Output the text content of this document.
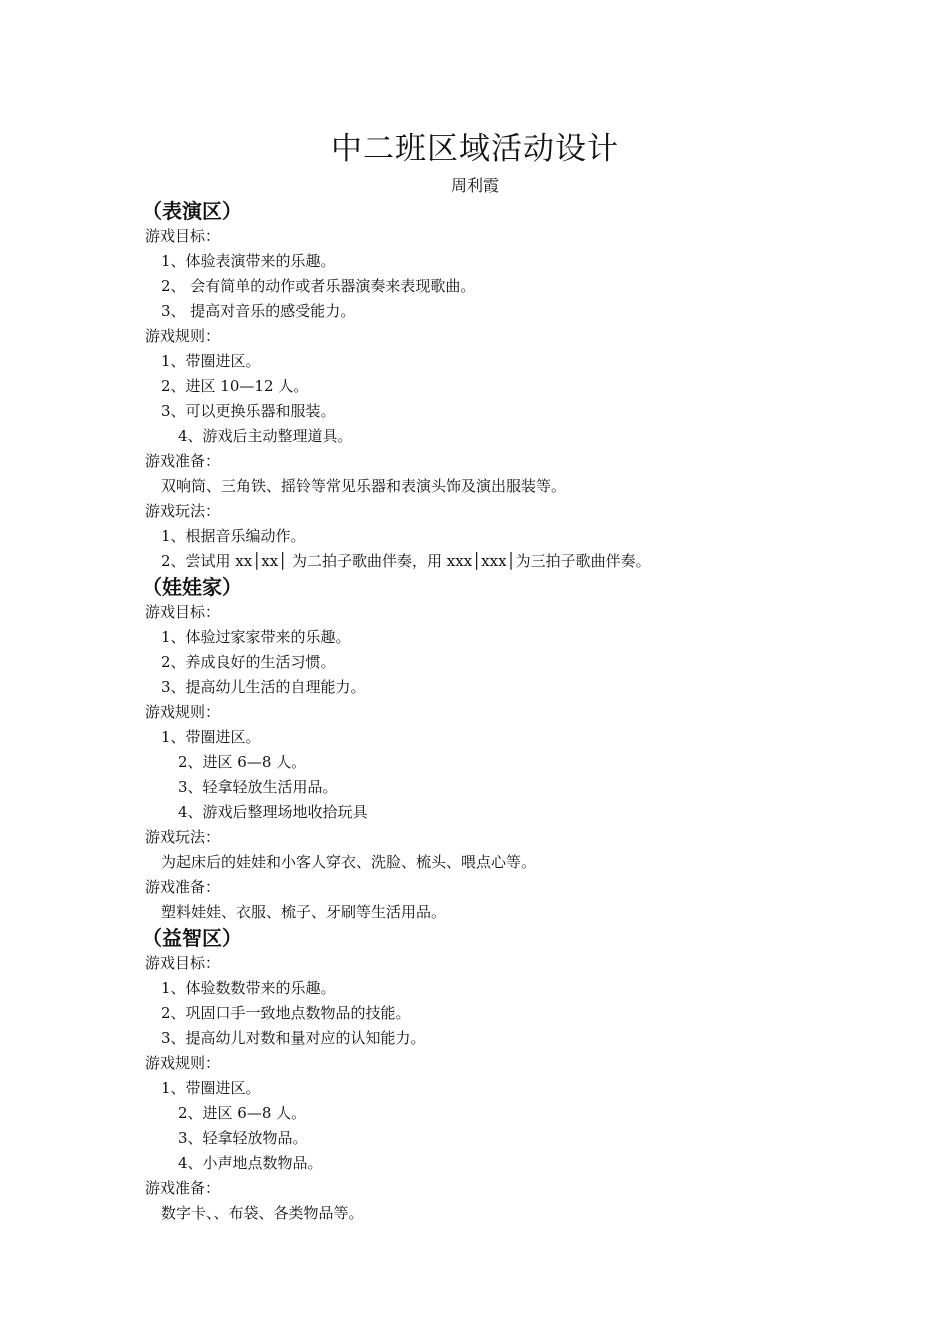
中二班区域活动设计
周利霞
（表演区）
游戏目标：
1、体验表演带来的乐趣。
2、 会有简单的动作或者乐器演奏来表现歌曲。
3、 提高对音乐的感受能力。
游戏规则：
1、带圈进区。
2、进区 10—12 人。
3、可以更换乐器和服装。
4、游戏后主动整理道具。
游戏准备：
双响筒、三角铁、摇铃等常见乐器和表演头饰及演出服装等。
游戏玩法：
1、根据音乐编动作。
2、尝试用 xx│xx│ 为二拍子歌曲伴奏，用 xxx│xxx│为三拍子歌曲伴奏。
（娃娃家）
游戏目标：
1、体验过家家带来的乐趣。
2、养成良好的生活习惯。
3、提高幼儿生活的自理能力。
游戏规则：
1、带圈进区。
2、进区 6—8 人。
3、轻拿轻放生活用品。
4、游戏后整理场地收拾玩具
游戏玩法：
为起床后的娃娃和小客人穿衣、洗脸、梳头、喂点心等。
游戏准备：
塑料娃娃、衣服、梳子、牙刷等生活用品。
（益智区）
游戏目标：
1、体验数数带来的乐趣。
2、巩固口手一致地点数物品的技能。
3、提高幼儿对数和量对应的认知能力。
游戏规则：
1、带圈进区。
2、进区 6—8 人。
3、轻拿轻放物品。
4、小声地点数物品。
游戏准备：
数字卡、、布袋、各类物品等。
